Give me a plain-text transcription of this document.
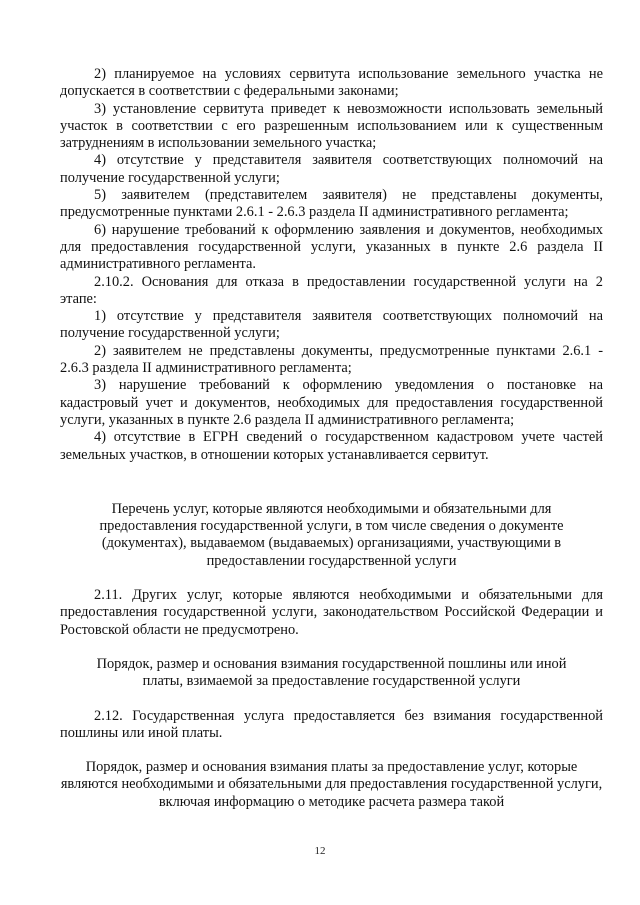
2) планируемое на условиях сервитута использование земельного участка не допускается в соответствии с федеральными законами;

3) установление сервитута приведет к невозможности использовать земельный участок в соответствии с его разрешенным использованием или к существенным затруднениям в использовании земельного участка;

4) отсутствие у представителя заявителя соответствующих полномочий на получение государственной услуги;

5) заявителем (представителем заявителя) не представлены документы, предусмотренные пунктами 2.6.1 - 2.6.3 раздела II административного регламента;

6) нарушение требований к оформлению заявления и документов, необходимых для предоставления государственной услуги, указанных в пункте 2.6 раздела II административного регламента.

2.10.2. Основания для отказа в предоставлении государственной услуги на 2 этапе:

1) отсутствие у представителя заявителя соответствующих полномочий на получение государственной услуги;

2) заявителем не представлены документы, предусмотренные пунктами 2.6.1 - 2.6.3 раздела II административного регламента;

3) нарушение требований к оформлению уведомления о постановке на кадастровый учет и документов, необходимых для предоставления государственной услуги, указанных в пункте 2.6 раздела II административного регламента;

4) отсутствие в ЕГРН сведений о государственном кадастровом учете частей земельных участков, в отношении которых устанавливается сервитут.

Перечень услуг, которые являются необходимыми и обязательными для предоставления государственной услуги, в том числе сведения о документе (документах), выдаваемом (выдаваемых) организациями, участвующими в предоставлении государственной услуги

2.11. Других услуг, которые являются необходимыми и обязательными для предоставления государственной услуги, законодательством Российской Федерации и Ростовской области не предусмотрено.

Порядок, размер и основания взимания государственной пошлины или иной платы, взимаемой за предоставление государственной услуги

2.12. Государственная услуга предоставляется без взимания государственной пошлины или иной платы.

Порядок, размер и основания взимания платы за предоставление услуг, которые являются необходимыми и обязательными для предоставления государственной услуги, включая информацию о методике расчета размера такой

12
